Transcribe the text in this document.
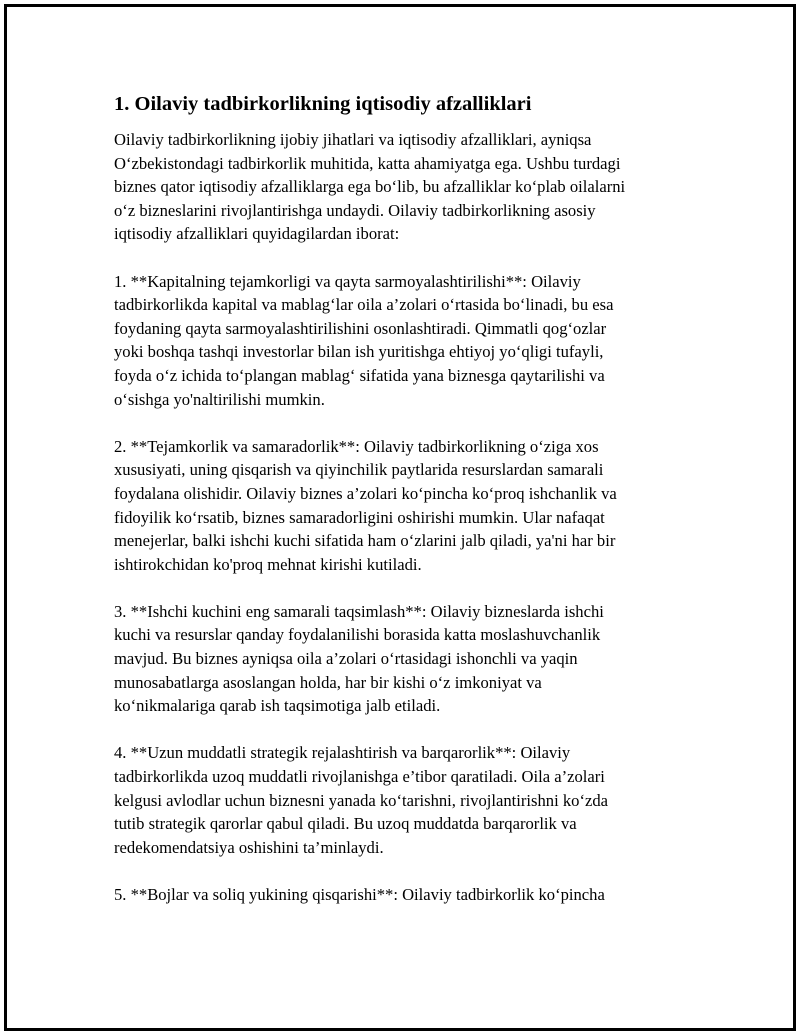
1. Oilaviy tadbirkorlikning iqtisodiy afzalliklari

Oilaviy tadbirkorlikning ijobiy jihatlari va iqtisodiy afzalliklari, ayniqsa
O‘zbekistondagi tadbirkorlik muhitida, katta ahamiyatga ega. Ushbu turdagi
biznes qator iqtisodiy afzalliklarga ega bo‘lib, bu afzalliklar ko‘plab oilalarni
o‘z bizneslarini rivojlantirishga undaydi. Oilaviy tadbirkorlikning asosiy
iqtisodiy afzalliklari quyidagilardan iborat:

1. **Kapitalning tejamkorligi va qayta sarmoyalashtirilishi**: Oilaviy
tadbirkorlikda kapital va mablag‘lar oila a’zolari o‘rtasida bo‘linadi, bu esa
foydaning qayta sarmoyalashtirilishini osonlashtiradi. Qimmatli qog‘ozlar
yoki boshqa tashqi investorlar bilan ish yuritishga ehtiyoj yo‘qligi tufayli,
foyda o‘z ichida to‘plangan mablag‘ sifatida yana biznesga qaytarilishi va
o‘sishga yo'naltirilishi mumkin.

2. **Tejamkorlik va samaradorlik**: Oilaviy tadbirkorlikning o‘ziga xos
xususiyati, uning qisqarish va qiyinchilik paytlarida resurslardan samarali
foydalana olishidir. Oilaviy biznes a’zolari ko‘pincha ko‘proq ishchanlik va
fidoyilik ko‘rsatib, biznes samaradorligini oshirishi mumkin. Ular nafaqat
menejerlar, balki ishchi kuchi sifatida ham o‘zlarini jalb qiladi, ya'ni har bir
ishtirokchidan ko'proq mehnat kirishi kutiladi.

3. **Ishchi kuchini eng samarali taqsimlash**: Oilaviy bizneslarda ishchi
kuchi va resurslar qanday foydalanilishi borasida katta moslashuvchanlik
mavjud. Bu biznes ayniqsa oila a’zolari o‘rtasidagi ishonchli va yaqin
munosabatlarga asoslangan holda, har bir kishi o‘z imkoniyat va
ko‘nikmalariga qarab ish taqsimotiga jalb etiladi.

4. **Uzun muddatli strategik rejalashtirish va barqarorlik**: Oilaviy
tadbirkorlikda uzoq muddatli rivojlanishga e’tibor qaratiladi. Oila a’zolari
kelgusi avlodlar uchun biznesni yanada ko‘tarishni, rivojlantirishni ko‘zda
tutib strategik qarorlar qabul qiladi. Bu uzoq muddatda barqarorlik va
redekomendatsiya oshishini ta’minlaydi.

5. **Bojlar va soliq yukining qisqarishi**: Oilaviy tadbirkorlik ko‘pincha
